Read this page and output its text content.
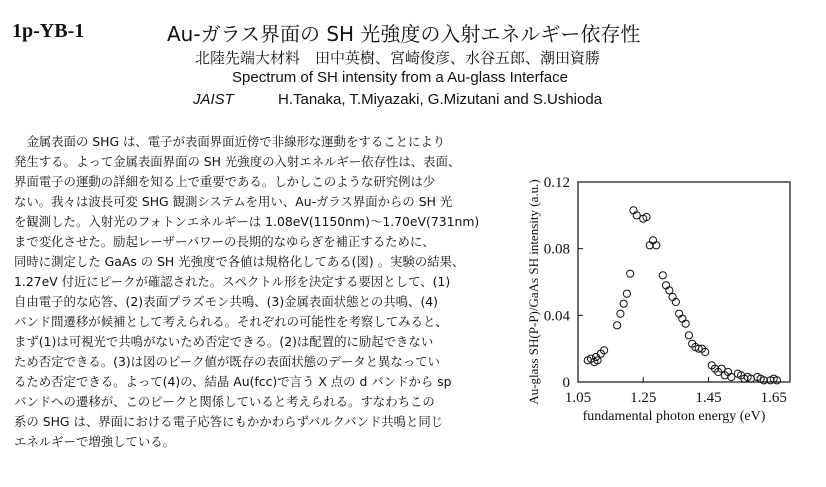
1p-YB-1	Au-ガラス界面の SH 光強度の入射エネルギー依存性
北陸先端大材料　田中英樹、宮崎俊彦、水谷五郎、潮田資勝
Spectrum of SH intensity from a Au-glass Interface
JAIST	H.Tanaka, T.Miyazaki, G.Mizutani and S.Ushioda
　金属表面の SHG は、電子が表面界面近傍で非線形な運動をすることにより
発生する。よって金属表面界面の SH 光強度の入射エネルギー依存性は、表面、
界面電子の運動の詳細を知る上で重要である。しかしこのような研究例は少
ない。我々は波長可変 SHG 観測システムを用い、Au-ガラス界面からの SH 光
を観測した。入射光のフォトンエネルギーは 1.08eV(1150nm)～1.70eV(731nm)
まで変化させた。励起レーザーパワーの長期的なゆらぎを補正するために、
同時に測定した GaAs の SH 光強度で各値は規格化してある(図) 。実験の結果、
1.27eV 付近にピークが確認された。スペクトル形を決定する要因として、(1)
自由電子的な応答、(2)表面プラズモン共鳴、(3)金属表面状態との共鳴、(4)
バンド間遷移が候補として考えられる。それぞれの可能性を考察してみると、
まず(1)は可視光で共鳴がないため否定できる。(2)は配置的に励起できない
ため否定できる。(3)は図のピーク値が既存の表面状態のデータと異なってい
るため否定できる。よって(4)の、結晶 Au(fcc)で言う X 点の d バンドから sp
バンドへの遷移が、このピークと関係していると考えられる。すなわちこの
系の SHG は、界面における電子応答にもかかわらずバルクバンド共鳴と同じ
エネルギーで増強している。
1.05	1.25	1.45	1.65
0
0.04
0.08
0.12
fundamental photon energy (eV)
Au-glass SH(P-P)/GaAs SH intensity (a.u.)
